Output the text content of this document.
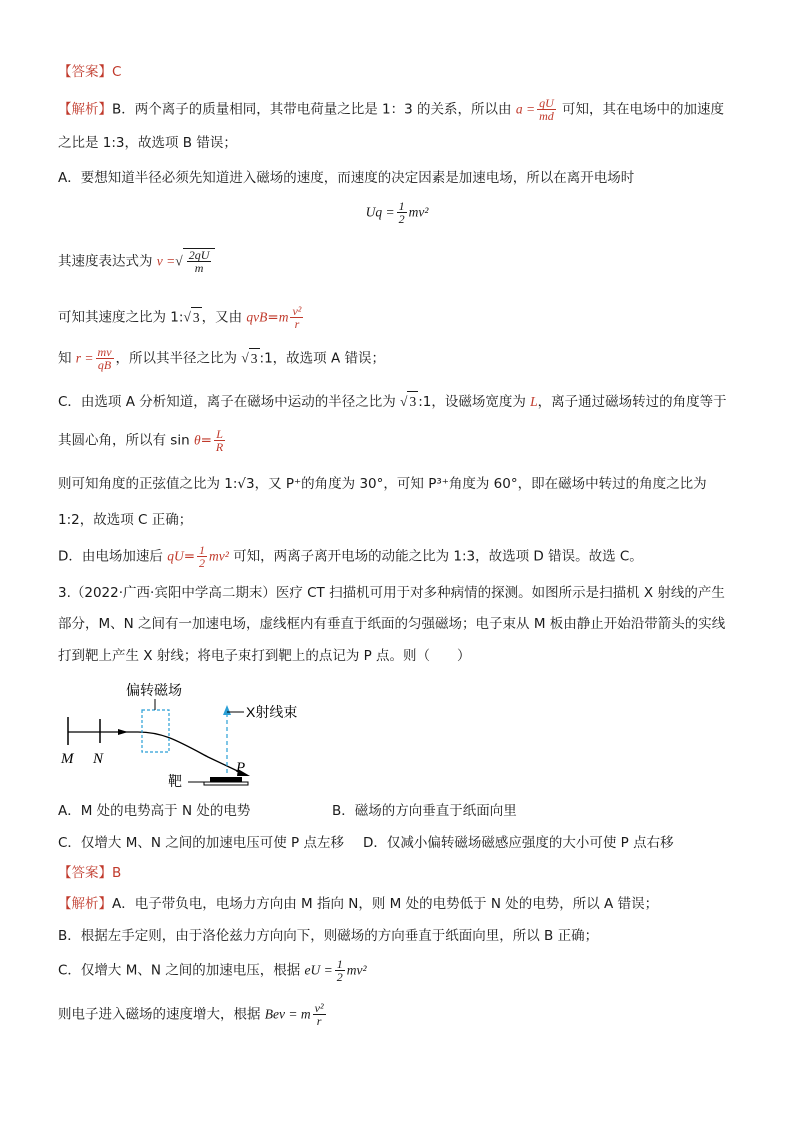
【答案】C
【解析】B．两个离子的质量相同，其带电荷量之比是 1：3 的关系，所以由 $a = \frac{qU}{md}$ 可知，其在电场中的加速度
之比是 1:3，故选项 B 错误；
A．要想知道半径必须先知道进入磁场的速度，而速度的决定因素是加速电场，所以在离开电场时
$Uq = \frac{1}{2} mv^2$
其速度表达式为 v =√ $\frac{2qU}{m}$
可知其速度之比为 1:√ 3 ，又由 $qvB=m \frac{\text{v²}}{r}$
知 $r = \frac{mv}{qB}$ ，所以其半径之比为 √ 3 :1，故选项 A 错误；
C．由选项 A 分析知道，离子在磁场中运动的半径之比为 √ 3 :1，设磁场宽度为 L，离子通过磁场转过的角度等于
其圆心角，所以有 $\sin \theta= \frac{L}{R}$
则可知角度的正弦值之比为 1:√3，又 P⁺的角度为 30°，可知 P³⁺角度为 60°，即在磁场中转过的角度之比为
1:2，故选项 C 正确；
D．由电场加速后 $qU= \frac{1}{2} mv^2$ 可知，两离子离开电场的动能之比为 1:3，故选项 D 错误。故选 C。
3.（2022·广西·宾阳中学高二期末）医疗 CT 扫描机可用于对多种病情的探测。如图所示是扫描机 X 射线的产生
部分，M、N 之间有一加速电场，虚线框内有垂直于纸面的匀强磁场；电子束从 M 板由静止开始沿带箭头的实线
打到靶上产生 X 射线；将电子束打到靶上的点记为 P 点。则（　　）
偏转磁场
X射线束
靶
M N
P
A．M 处的电势高于 N 处的电势	B．磁场的方向垂直于纸面向里
C．仅增大 M、N 之间的加速电压可使 P 点左移 D．仅减小偏转磁场磁感应强度的大小可使 P 点右移
【答案】B
【解析】A．电子带负电，电场力方向由 M 指向 N，则 M 处的电势低于 N 处的电势，所以 A 错误；
B．根据左手定则，由于洛伦兹力方向向下，则磁场的方向垂直于纸面向里，所以 B 正确；
C．仅增大 M、N 之间的加速电压，根据 eU = $\frac{1}{2} mv^2$
则电子进入磁场的速度增大，根据 Bev = m $\frac{\text{v²}}{r}$
